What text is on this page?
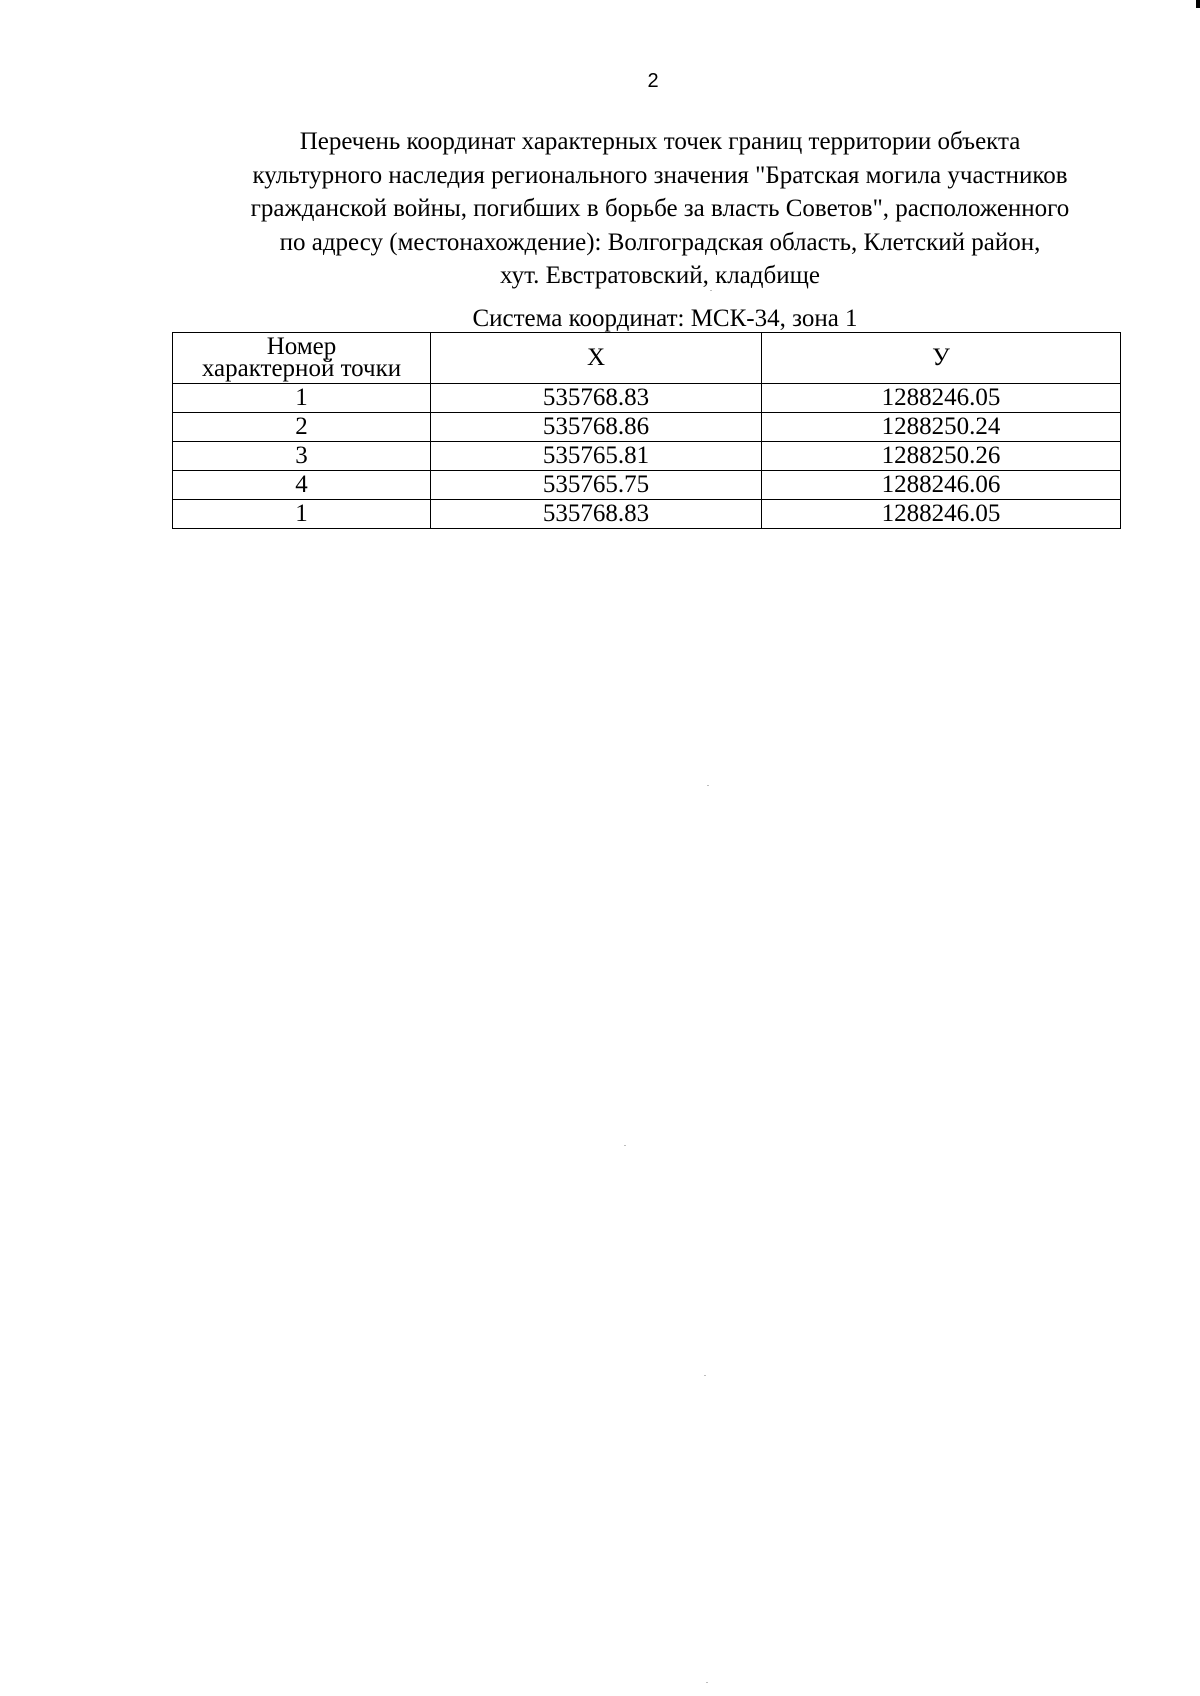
2
Перечень координат характерных точек границ территории объекта
культурного наследия регионального значения "Братская могила участников
гражданской войны, погибших в борьбе за власть Советов", расположенного
по адресу (местонахождение): Волгоградская область, Клетский район,
хут. Евстратовский, кладбище
Система координат: МСК-34, зона 1
Номер
характерной точки	X	У
1	535768.83	1288246.05
2	535768.86	1288250.24
3	535765.81	1288250.26
4	535765.75	1288246.06
1	535768.83	1288246.05
